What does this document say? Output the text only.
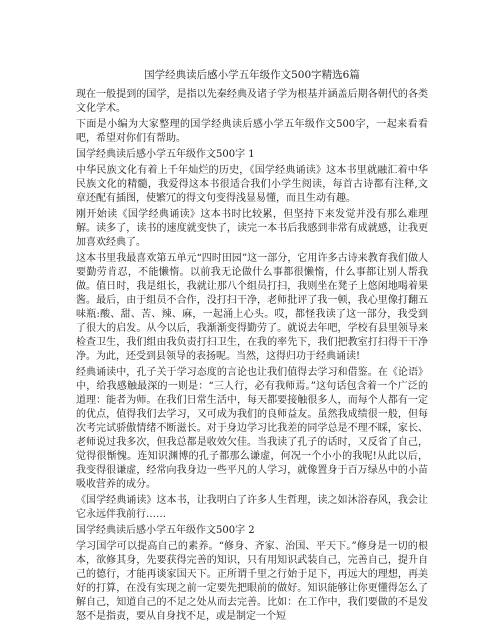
国学经典读后感小学五年级作文500字精选6篇

现在一般提到的国学，是指以先秦经典及诸子学为根基并涵盖后期各朝代的各类文化学术。

下面是小编为大家整理的国学经典读后感小学五年级作文500字，一起来看看吧，希望对你们有帮助。

国学经典读后感小学五年级作文500字 1

中华民族文化有着上千年灿烂的历史，《国学经典诵读》这本书里就融汇着中华民族文化的精髓，我爱得这本书很适合我们小学生阅读，每首古诗都有注释,文章还配有插图，使繁冗的得文句变得浅显易懂，而且生动有趣。

刚开始读《国学经典诵读》这本书时比较累，但坚持下来发觉并没有那么难理解。读多了，读书的速度就变快了，读完一本书后我感到非常有成就感，让我更加喜欢经典了。

这本书里我最喜欢第五单元“四时田园”这一部分，它用许多古诗来教育我们做人要勤劳肯忍，不能懒惰。以前我无论做什么事都很懒惰，什么事都让别人帮我做。值日时，我是组长，我就让那八个组员打扫，我则坐在凳子上悠闲地喝着果酱。最后，由于组员不合作，没打扫干净，老师批评了我一顿，我心里像打翻五味瓶:酸、甜、苦、辣、麻，一起涌上心头。哎，都怪我读了这一部分，我受到了很大的启发。从今以后，我渐渐变得勤劳了。就说去年吧，学校有县里领导来检查卫生，我们组由我负责打扫卫生，在我的率先下，我们把教室打扫得干干净净。为此，还受到县领导的表扬呢。当然，这得归功于经典诵读!

经典诵读中，孔子关于学习态度的言论也让我们值得去学习和借鉴。在《论语》中，给我感触最深的一则是：“三人行，必有我师焉。”这句话包含着一个广泛的道理：能者为师。在我们日常生活中，每天都要接触很多人，而每个人都有一定的优点，值得我们去学习，又可成为我们的良师益友。虽然我成绩很一般，但每次考完试骄傲情绪不断滋长。对于身边学习比我差的同学总是不理不睬，家长、老师说过我多次，但我总都是收效欠佳。当我读了孔子的话时，又反省了自己，觉得很惭愧。连知识渊博的孔子都那么谦虚，何况一个小小的我呢!从此以后，我变得很谦虚，经常向我身边一些平凡的人学习，就像置身于百万绿丛中的小苗吸收营养的成分。

《国学经典诵读》这本书，让我明白了许多人生哲理，读之如沐浴春风，我会让它永远伴我前行……

国学经典读后感小学五年级作文500字 2

学习国学可以提高自己的素养。“修身、齐家、治国、平天下。”修身是一切的根本，欲修其身，先要获得完善的知识，只有用知识武装自己，完善自己，提升自己的德行，才能再谈家国天下。正所谓千里之行始于足下，再远大的理想，再美好的打算，在没有实现之前一定要先把眼前的做好。知识能够让你更懂得怎么了解自己，知道自己的不足之处从而去完善。比如：在工作中，我们要做的不是发怒不是指责，要从自身找不足，或是制定一个短
